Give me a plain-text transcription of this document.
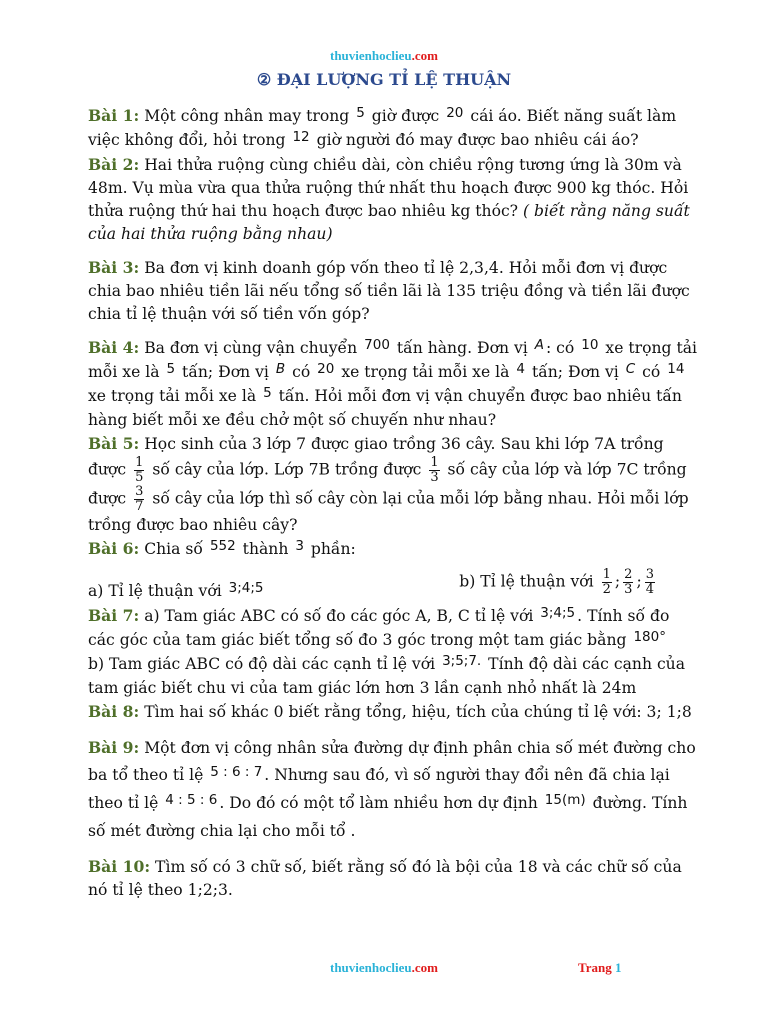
thuvienhoclieu.com
② ĐẠI LƯỢNG TỈ LỆ THUẬN

Bài 1: Một công nhân may trong 5 giờ được 20 cái áo. Biết năng suất làm việc không đổi, hỏi trong 12 giờ người đó may được bao nhiêu cái áo?

Bài 2: Hai thửa ruộng cùng chiều dài, còn chiều rộng tương ứng là 30m và 48m. Vụ mùa vừa qua thửa ruộng thứ nhất thu hoạch được 900 kg thóc. Hỏi thửa ruộng thứ hai thu hoạch được bao nhiêu kg thóc? ( biết rằng năng suất của hai thửa ruộng bằng nhau)

Bài 3: Ba đơn vị kinh doanh góp vốn theo tỉ lệ 2,3,4. Hỏi mỗi đơn vị được chia bao nhiêu tiền lãi nếu tổng số tiền lãi là 135 triệu đồng và tiền lãi được chia tỉ lệ thuận với số tiền vốn góp?

Bài 4: Ba đơn vị cùng vận chuyển 700 tấn hàng. Đơn vị A : có 10 xe trọng tải mỗi xe là 5 tấn; Đơn vị B có 20 xe trọng tải mỗi xe là 4 tấn; Đơn vị C có 14 xe trọng tải mỗi xe là 5 tấn. Hỏi mỗi đơn vị vận chuyển được bao nhiêu tấn hàng biết mỗi xe đều chở một số chuyến như nhau?

Bài 5: Học sinh của 3 lớp 7 được giao trồng 36 cây. Sau khi lớp 7A trồng được $\frac{1}{5}$ số cây của lớp. Lớp 7B trồng được $\frac{1}{3}$ số cây của lớp và lớp 7C trồng được $\frac{3}{7}$ số cây của lớp thì số cây còn lại của mỗi lớp bằng nhau. Hỏi mỗi lớp trồng được bao nhiêu cây?

Bài 6: Chia số 552 thành 3 phần:

a) Tỉ lệ thuận với 3;4;5	b) Tỉ lệ thuận với $\frac{1}{2}$ ; $\frac{2}{3}$ ; $\frac{3}{4}$

Bài 7: a) Tam giác ABC có số đo các góc A, B, C tỉ lệ với 3;4;5 . Tính số đo các góc của tam giác biết tổng số đo 3 góc trong một tam giác bằng 180°

b) Tam giác ABC có độ dài các cạnh tỉ lệ với 3;5;7. Tính độ dài các cạnh của tam giác biết chu vi của tam giác lớn hơn 3 lần cạnh nhỏ nhất là 24m

Bài 8: Tìm hai số khác 0 biết rằng tổng, hiệu, tích của chúng tỉ lệ với: 3; 1;8

Bài 9: Một đơn vị công nhân sửa đường dự định phân chia số mét đường cho ba tổ theo tỉ lệ 5 : 6 : 7 . Nhưng sau đó, vì số người thay đổi nên đã chia lại theo tỉ lệ 4 : 5 : 6 . Do đó có một tổ làm nhiều hơn dự định 15(m) đường. Tính số mét đường chia lại cho mỗi tổ .

Bài 10: Tìm số có 3 chữ số, biết rằng số đó là bội của 18 và các chữ số của nó tỉ lệ theo 1;2;3.

thuvienhoclieu.com	Trang 1
